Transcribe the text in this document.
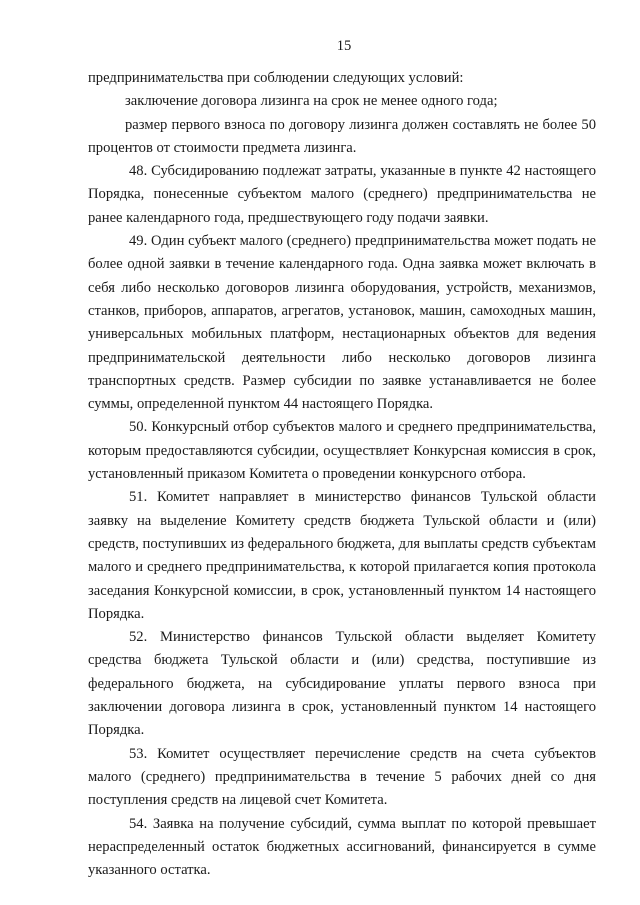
15

предпринимательства при соблюдении следующих условий:

заключение договора лизинга на срок не менее одного года;

размер первого взноса по договору лизинга должен составлять не более 50 процентов от стоимости предмета лизинга.

48. Субсидированию подлежат затраты, указанные в пункте 42 настоящего Порядка, понесенные субъектом малого (среднего) предпринимательства не ранее календарного года, предшествующего году подачи заявки.

49. Один субъект малого (среднего) предпринимательства может подать не более одной заявки в течение календарного года. Одна заявка может включать в себя либо несколько договоров лизинга оборудования, устройств, механизмов, станков, приборов, аппаратов, агрегатов, установок, машин, самоходных машин, универсальных мобильных платформ, нестационарных объектов для ведения предпринимательской деятельности либо несколько договоров лизинга транспортных средств. Размер субсидии по заявке устанавливается не более суммы, определенной пунктом 44 настоящего Порядка.

50. Конкурсный отбор субъектов малого и среднего предпринимательства, которым предоставляются субсидии, осуществляет Конкурсная комиссия в срок, установленный приказом Комитета о проведении конкурсного отбора.

51. Комитет направляет в министерство финансов Тульской области заявку на выделение Комитету средств бюджета Тульской области и (или) средств, поступивших из федерального бюджета, для выплаты средств субъектам малого и среднего предпринимательства, к которой прилагается копия протокола заседания Конкурсной комиссии, в срок, установленный пунктом 14 настоящего Порядка.

52. Министерство финансов Тульской области выделяет Комитету средства бюджета Тульской области и (или) средства, поступившие из федерального бюджета, на субсидирование уплаты первого взноса при заключении договора лизинга в срок, установленный пунктом 14 настоящего Порядка.

53. Комитет осуществляет перечисление средств на счета субъектов малого (среднего) предпринимательства в течение 5 рабочих дней со дня поступления средств на лицевой счет Комитета.

54. Заявка на получение субсидий, сумма выплат по которой превышает нераспределенный остаток бюджетных ассигнований, финансируется в сумме указанного остатка.
